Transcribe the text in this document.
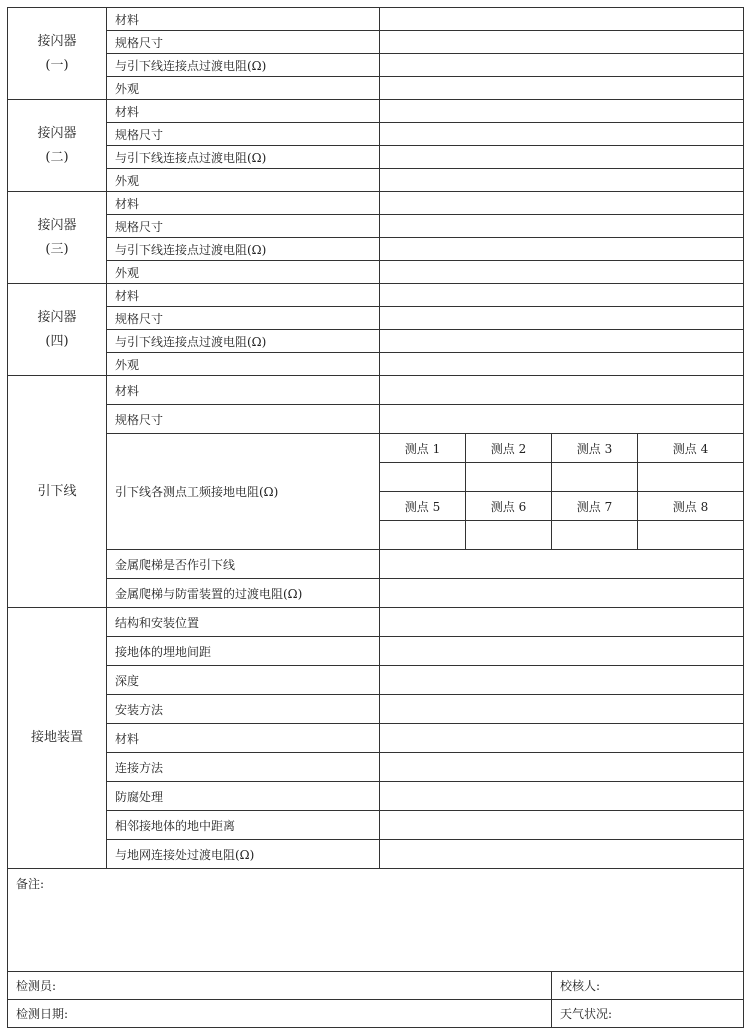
接闪器
(一)	材料				
	规格尺寸				
	与引下线连接点过渡电阻(Ω)				
	外观				

接闪器
(二)	材料				
	规格尺寸				
	与引下线连接点过渡电阻(Ω)				
	外观				

接闪器
(三)	材料				
	规格尺寸				
	与引下线连接点过渡电阻(Ω)				
	外观				

接闪器
(四)	材料				
	规格尺寸				
	与引下线连接点过渡电阻(Ω)				
	外观				
引下线	材料				
	规格尺寸				
	引下线各测点工频接地电阻(Ω)	测点 1	测点 2	测点 3	测点 4

		测点 5	测点 6	测点 7	测点 8

	金属爬梯是否作引下线				
	金属爬梯与防雷装置的过渡电阻(Ω)				
接地装置	结构和安装位置				
	接地体的埋地间距				
	深度				
	安装方法				
	材料				
	连接方法				
	防腐处理				
	相邻接地体的地中距离				
	与地网连接处过渡电阻(Ω)				
备注:					
检测员:				校核人:	
检测日期:				天气状况:	
